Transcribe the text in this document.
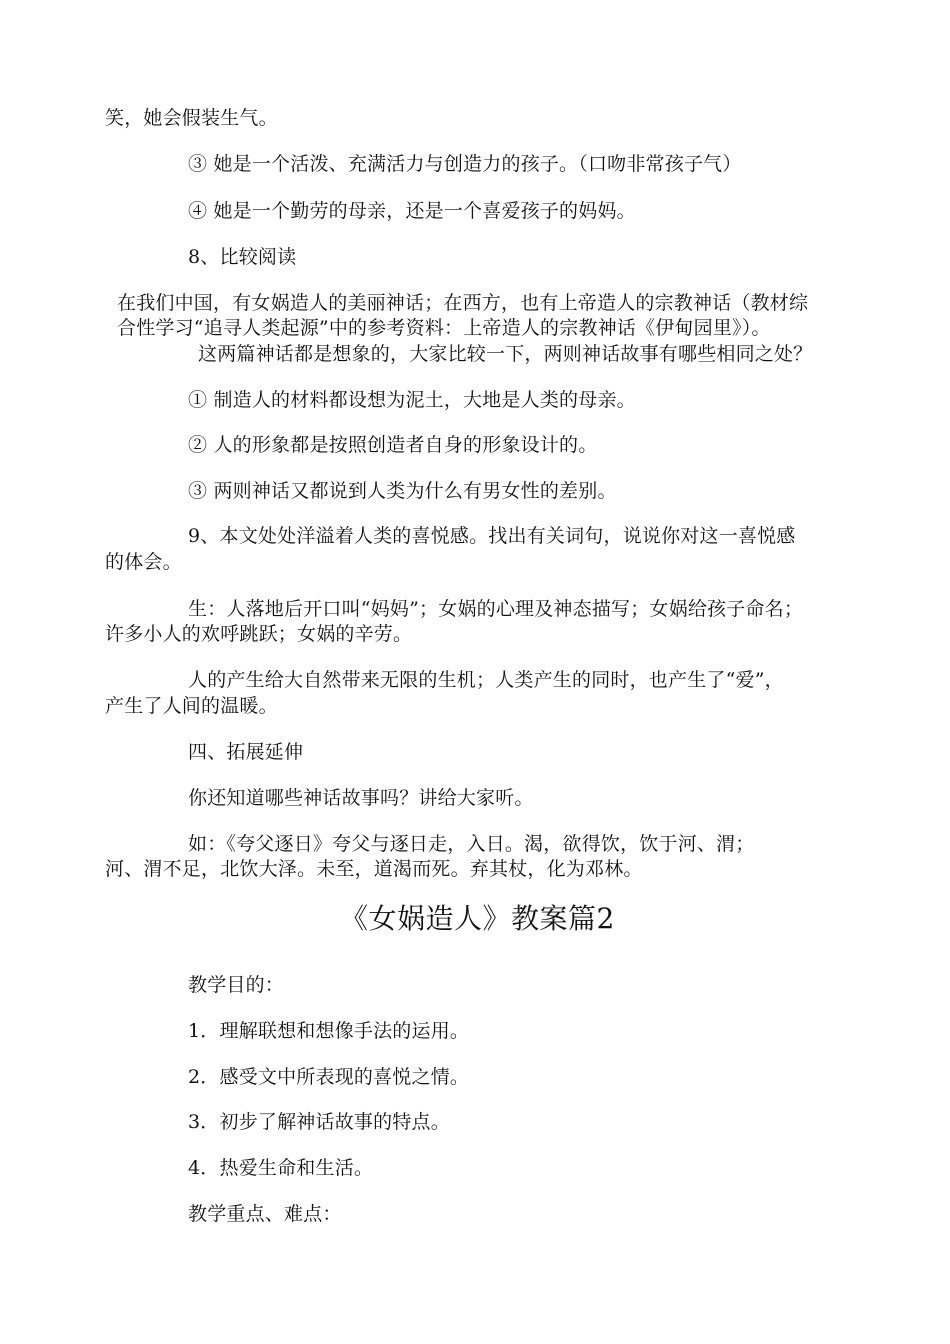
笑，她会假装生气。
③ 她是一个活泼、充满活力与创造力的孩子。（口吻非常孩子气）
④ 她是一个勤劳的母亲，还是一个喜爱孩子的妈妈。
8、比较阅读
在我们中国，有女娲造人的美丽神话；在西方，也有上帝造人的宗教神话（教材综
合性学习“追寻人类起源”中的参考资料：上帝造人的宗教神话《伊甸园里》）。
这两篇神话都是想象的，大家比较一下，两则神话故事有哪些相同之处？
① 制造人的材料都设想为泥土，大地是人类的母亲。
② 人的形象都是按照创造者自身的形象设计的。
③ 两则神话又都说到人类为什么有男女性的差别。
9、本文处处洋溢着人类的喜悦感。找出有关词句，说说你对这一喜悦感
的体会。
生：人落地后开口叫“妈妈”；女娲的心理及神态描写；女娲给孩子命名；
许多小人的欢呼跳跃；女娲的辛劳。
人的产生给大自然带来无限的生机；人类产生的同时，也产生了“爱”，
产生了人间的温暖。
四、拓展延伸
你还知道哪些神话故事吗？讲给大家听。
如：《夸父逐日》夸父与逐日走，入日。渴，欲得饮，饮于河、渭；
河、渭不足，北饮大泽。未至，道渴而死。弃其杖，化为邓林。
《女娲造人》教案篇2
教学目的：
1．理解联想和想像手法的运用。
2．感受文中所表现的喜悦之情。
3．初步了解神话故事的特点。
4．热爱生命和生活。
教学重点、难点：
